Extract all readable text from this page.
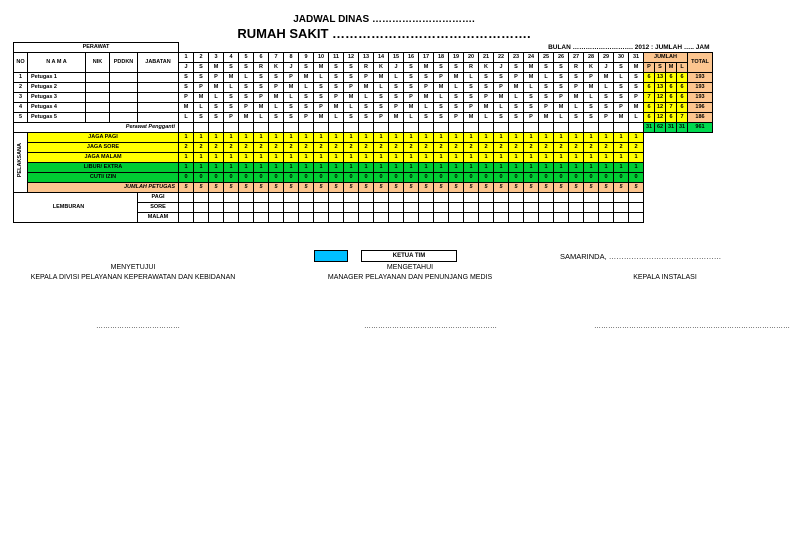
JADWAL DINAS ………………………….
RUMAH SAKIT ……………………………………….
PERAWAT					BULAN ………………………. 2012 : JUMLAH ….. JAM																																			
NO	N A M A	NIK	PDDKN	JABATAN	1	2	3	4	5	6	7	8	9	10	11	12	13	14	15	16	17	18	19	20	21	22	23	24	25	26	27	28	29	30	31	JUMLAH				TOTAL
					J	S	M	S	S	R	K	J	S	M	S	S	R	K	J	S	M	S	S	R	K	J	S	M	S	S	R	K	J	S	M	P	S	M	L	
1	Petugas 1				S	S	P	M	L	S	S	P	M	L	S	S	P	M	L	S	S	P	M	L	S	S	P	M	L	S	S	P	M	L	S	6	13	6	6	193
2	Petugas 2				S	P	M	L	S	S	P	M	L	S	S	P	M	L	S	S	P	M	L	S	S	P	M	L	S	S	P	M	L	S	S	6	13	6	6	193
3	Petugas 3				P	M	L	S	S	P	M	L	S	S	P	M	L	S	S	P	M	L	S	S	P	M	L	S	S	P	M	L	S	S	P	7	12	6	6	193
4	Petugas 4				M	L	S	S	P	M	L	S	S	P	M	L	S	S	P	M	L	S	S	P	M	L	S	S	P	M	L	S	S	P	M	6	12	7	6	196
5	Petugas 5				L	S	S	P	M	L	S	S	P	M	L	S	S	P	M	L	S	S	P	M	L	S	S	P	M	L	S	S	P	M	L	6	12	6	7	186
Perawat Pengganti																																				31	62	31	31	961
PELAKSANA	JAGA PAGI				1	1	1	1	1	1	1	1	1	1	1	1	1	1	1	1	1	1	1	1	1	1	1	1	1	1	1	1	1	1	1					
	JAGA SORE				2	2	2	2	2	2	2	2	2	2	2	2	2	2	2	2	2	2	2	2	2	2	2	2	2	2	2	2	2	2	2					
	JAGA MALAM				1	1	1	1	1	1	1	1	1	1	1	1	1	1	1	1	1	1	1	1	1	1	1	1	1	1	1	1	1	1	1					
	LIBUR/ EXTRA				1	1	1	1	1	1	1	1	1	1	1	1	1	1	1	1	1	1	1	1	1	1	1	1	1	1	1	1	1	1	1					
	CUTI/ IZIN				0	0	0	0	0	0	0	0	0	0	0	0	0	0	0	0	0	0	0	0	0	0	0	0	0	0	0	0	0	0	0					
	JUMLAH PETUGAS				5	5	5	5	5	5	5	5	5	5	5	5	5	5	5	5	5	5	5	5	5	5	5	5	5	5	5	5	5	5	5					
	LEMBURAN			PAGI																																				
				SORE																																				
				MALAM																																				
KETUA TIM	SAMARINDA, ………………………………………
MENYETUJUI	MENGETAHUI
KEPALA DIVISI PELAYANAN KEPERAWATAN DAN KEBIDANAN	MANAGER PELAYANAN DAN PENUNJANG MEDIS	KEPALA INSTALASI
………………………………	…………………………………………………	…………………………………………………………………………
